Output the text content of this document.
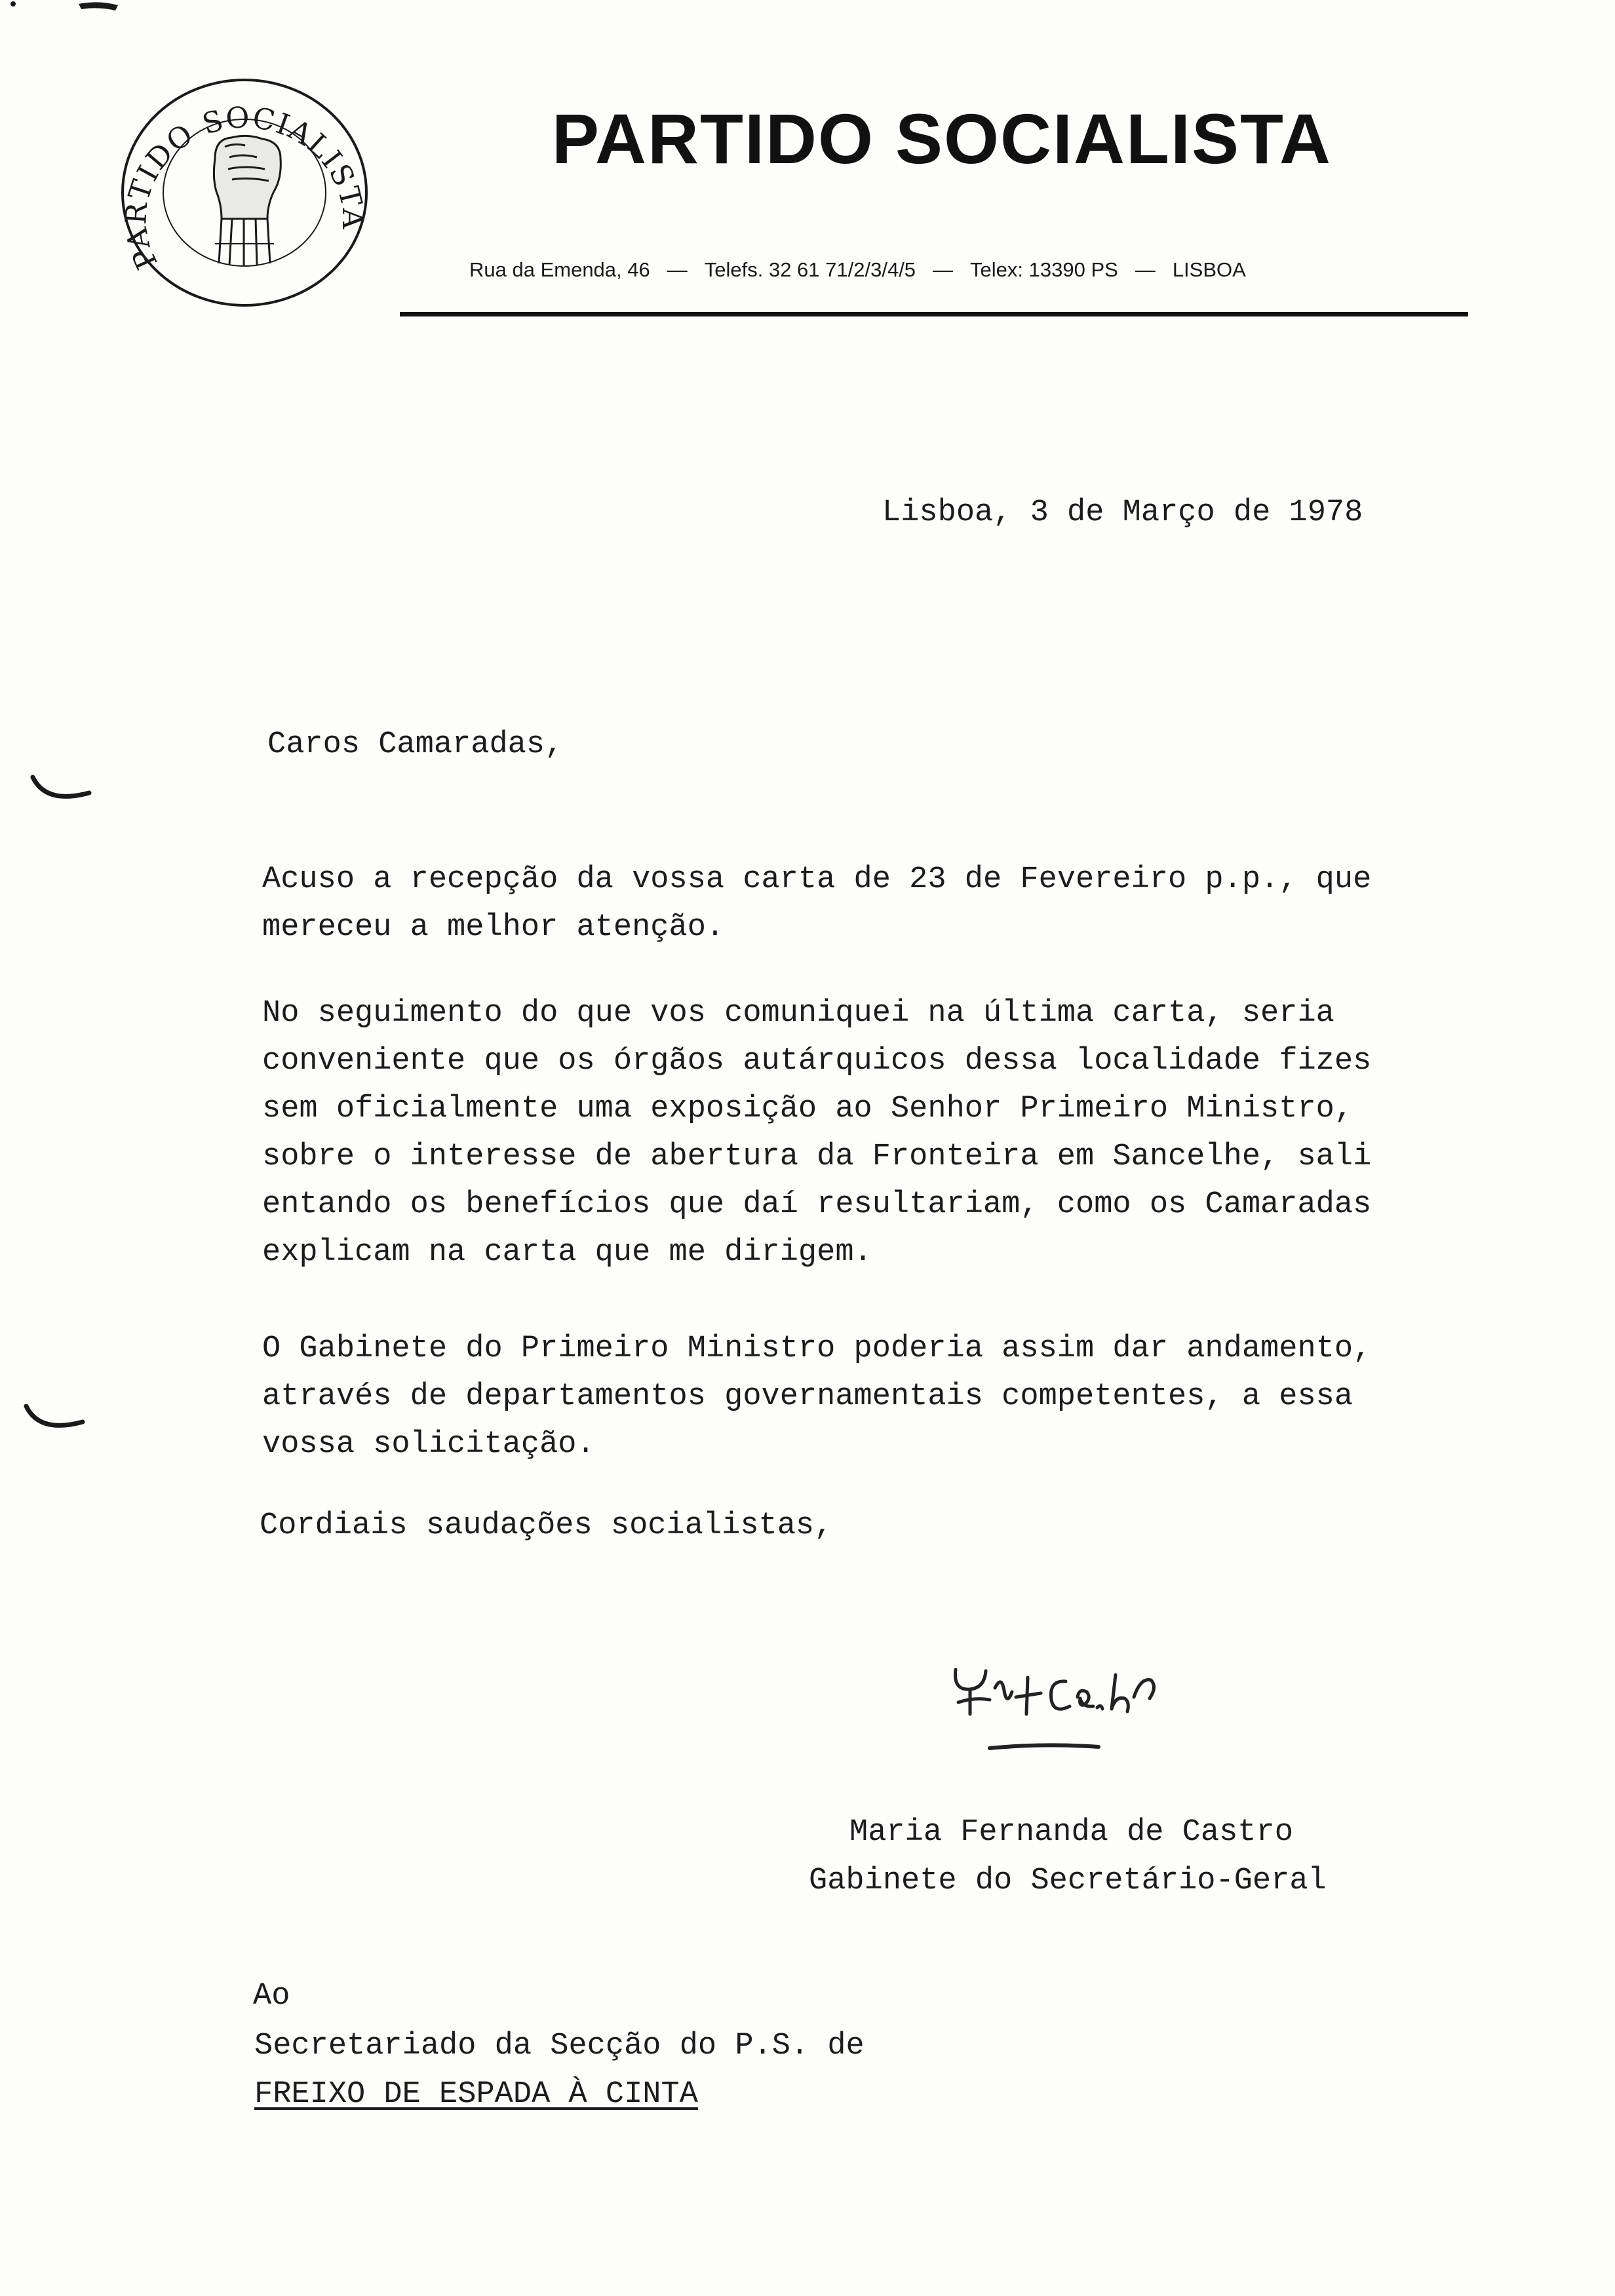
PARTIDO SOCIALISTA
PARTIDO SOCIALISTA
Rua da Emenda, 46 — Telefs. 32 61 71/2/3/4/5 — Telex: 13390 PS — LISBOA
Lisboa, 3 de Março de 1978
Caros Camaradas,
Acuso a recepção da vossa carta de 23 de Fevereiro p.p., que
mereceu a melhor atenção.
No seguimento do que vos comuniquei na última carta, seria
conveniente que os órgãos autárquicos dessa localidade fizes
sem oficialmente uma exposição ao Senhor Primeiro Ministro,
sobre o interesse de abertura da Fronteira em Sancelhe, sali
entando os benefícios que daí resultariam, como os Camaradas
explicam na carta que me dirigem.
O Gabinete do Primeiro Ministro poderia assim dar andamento,
através de departamentos governamentais competentes, a essa
vossa solicitação.
Cordiais saudações socialistas,
Maria Fernanda de Castro
Gabinete do Secretário-Geral
Ao
Secretariado da Secção do P.S. de
FREIXO DE ESPADA À CINTA
